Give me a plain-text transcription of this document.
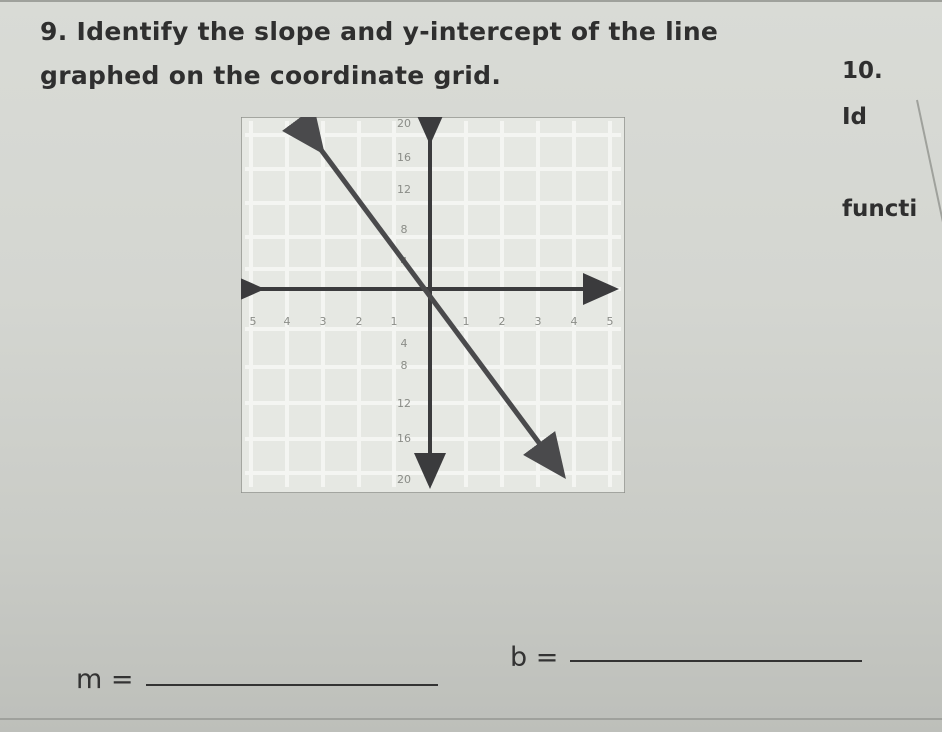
9. Identify the slope and y-intercept of the line
graphed on the coordinate grid.	10.
Id

functi

5 4	3	2	1	1	2	3	4	5
20
16
12
8
4
8
12
16
20
m =
b =
